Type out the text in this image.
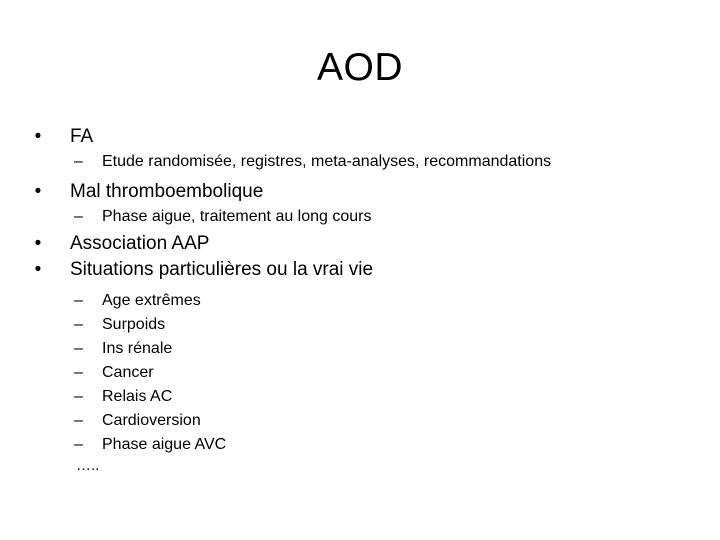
AOD
•	FA
– Etude randomisée, registres, meta-analyses, recommandations
•	Mal thromboembolique
– Phase aigue, traitement au long cours
•	Association AAP
•	Situations particulières ou la vrai vie
– Age extrêmes
– Surpoids
– Ins rénale
– Cancer
– Relais AC
– Cardioversion
– Phase aigue AVC
…..
